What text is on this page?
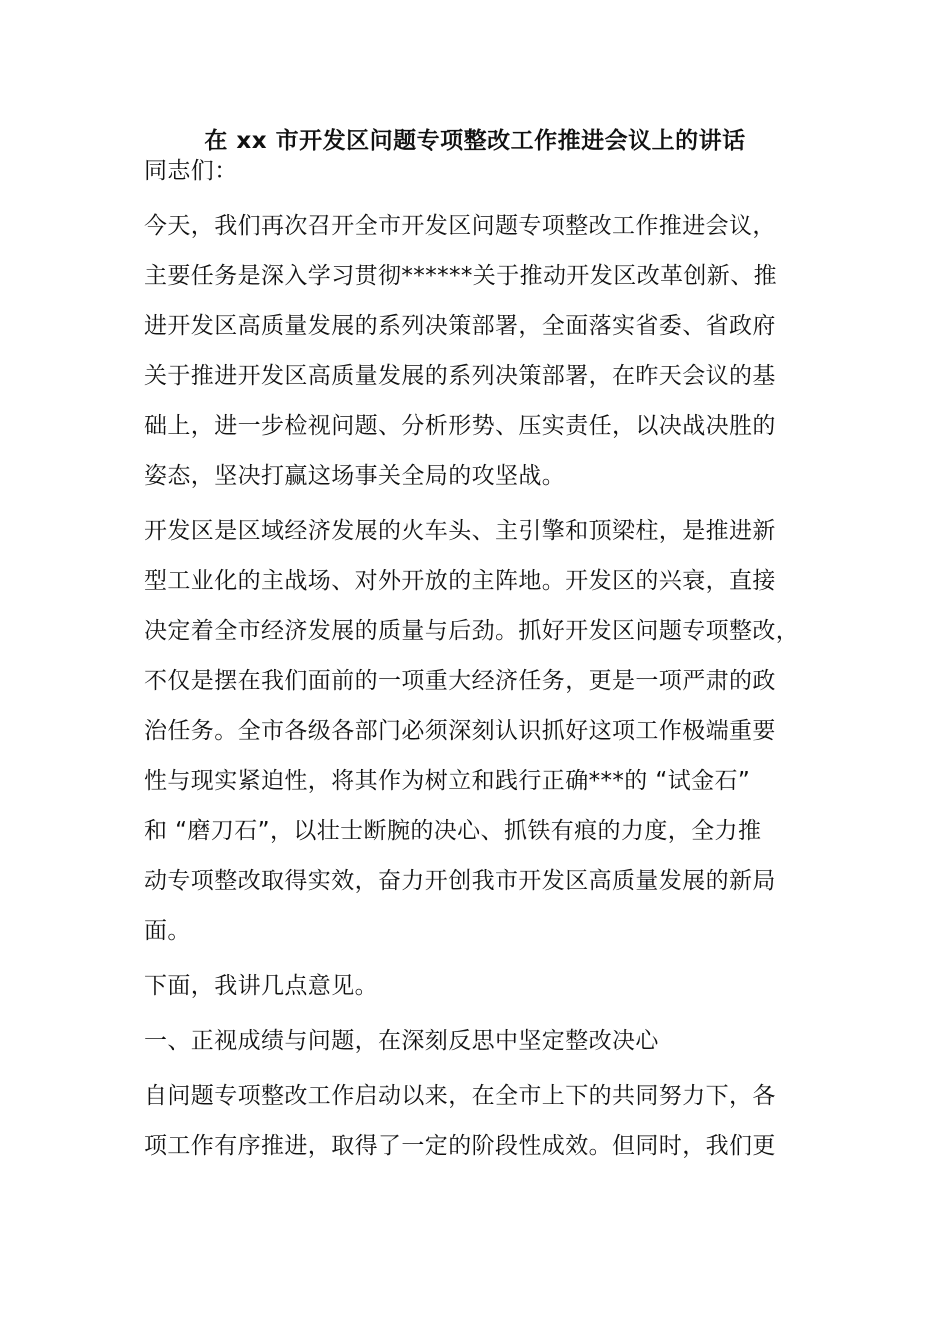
在 xx 市开发区问题专项整改工作推进会议上的讲话
同志们：
今天，我们再次召开全市开发区问题专项整改工作推进会议，
主要任务是深入学习贯彻******关于推动开发区改革创新、推
进开发区高质量发展的系列决策部署，全面落实省委、省政府
关于推进开发区高质量发展的系列决策部署，在昨天会议的基
础上，进一步检视问题、分析形势、压实责任，以决战决胜的
姿态，坚决打赢这场事关全局的攻坚战。
开发区是区域经济发展的火车头、主引擎和顶梁柱，是推进新
型工业化的主战场、对外开放的主阵地。开发区的兴衰，直接
决定着全市经济发展的质量与后劲。抓好开发区问题专项整改，
不仅是摆在我们面前的一项重大经济任务，更是一项严肃的政
治任务。全市各级各部门必须深刻认识抓好这项工作极端重要
性与现实紧迫性，将其作为树立和践行正确***的 “试金石”
和 “磨刀石”，以壮士断腕的决心、抓铁有痕的力度，全力推
动专项整改取得实效，奋力开创我市开发区高质量发展的新局
面。
下面，我讲几点意见。
一、正视成绩与问题，在深刻反思中坚定整改决心
自问题专项整改工作启动以来，在全市上下的共同努力下，各
项工作有序推进，取得了一定的阶段性成效。但同时，我们更
